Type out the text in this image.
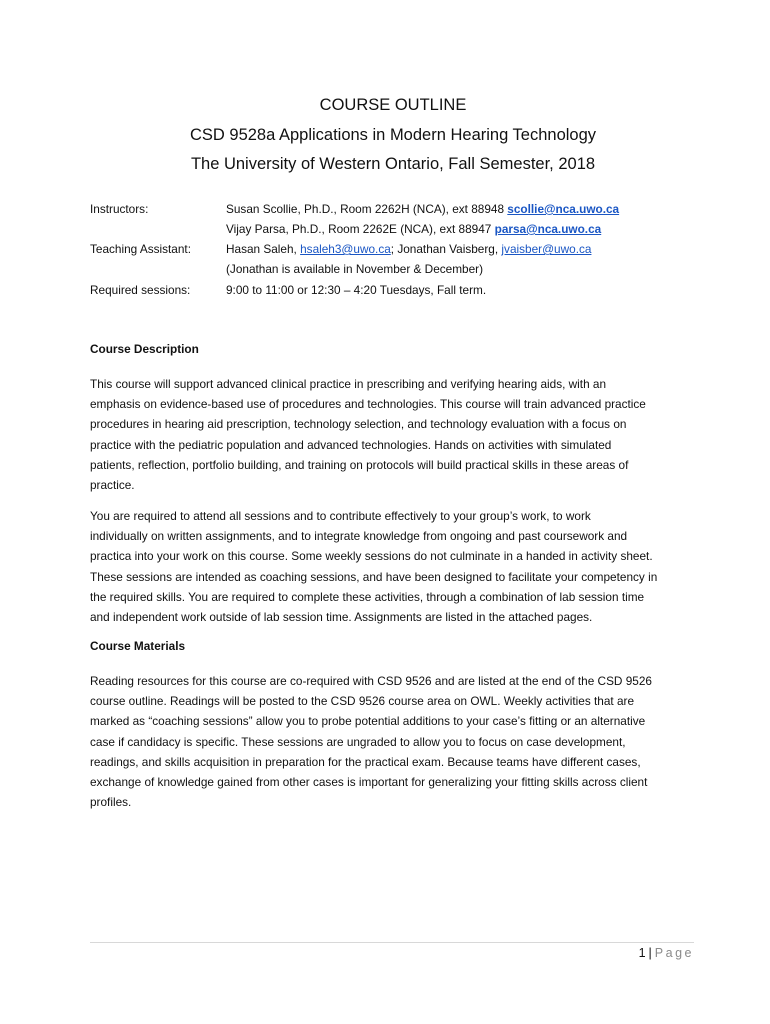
COURSE OUTLINE
CSD 9528a Applications in Modern Hearing Technology
The University of Western Ontario, Fall Semester, 2018
Instructors:	Susan Scollie, Ph.D., Room 2262H (NCA), ext 88948 scollie@nca.uwo.ca
Vijay Parsa, Ph.D., Room 2262E (NCA), ext 88947 parsa@nca.uwo.ca
Teaching Assistant:	Hasan Saleh, hsaleh3@uwo.ca; Jonathan Vaisberg, jvaisber@uwo.ca
(Jonathan is available in November & December)
Required sessions:	9:00 to 11:00 or 12:30 – 4:20 Tuesdays, Fall term.
Course Description
This course will support advanced clinical practice in prescribing and verifying hearing aids, with an
emphasis on evidence-based use of procedures and technologies. This course will train advanced practice
procedures in hearing aid prescription, technology selection, and technology evaluation with a focus on
practice with the pediatric population and advanced technologies. Hands on activities with simulated
patients, reflection, portfolio building, and training on protocols will build practical skills in these areas of
practice.
You are required to attend all sessions and to contribute effectively to your group’s work, to work
individually on written assignments, and to integrate knowledge from ongoing and past coursework and
practica into your work on this course. Some weekly sessions do not culminate in a handed in activity sheet.
These sessions are intended as coaching sessions, and have been designed to facilitate your competency in
the required skills. You are required to complete these activities, through a combination of lab session time
and independent work outside of lab session time. Assignments are listed in the attached pages.
Course Materials
Reading resources for this course are co-required with CSD 9526 and are listed at the end of the CSD 9526
course outline. Readings will be posted to the CSD 9526 course area on OWL. Weekly activities that are
marked as “coaching sessions” allow you to probe potential additions to your case’s fitting or an alternative
case if candidacy is specific. These sessions are ungraded to allow you to focus on case development,
readings, and skills acquisition in preparation for the practical exam. Because teams have different cases,
exchange of knowledge gained from other cases is important for generalizing your fitting skills across client
profiles.
1 | Page
